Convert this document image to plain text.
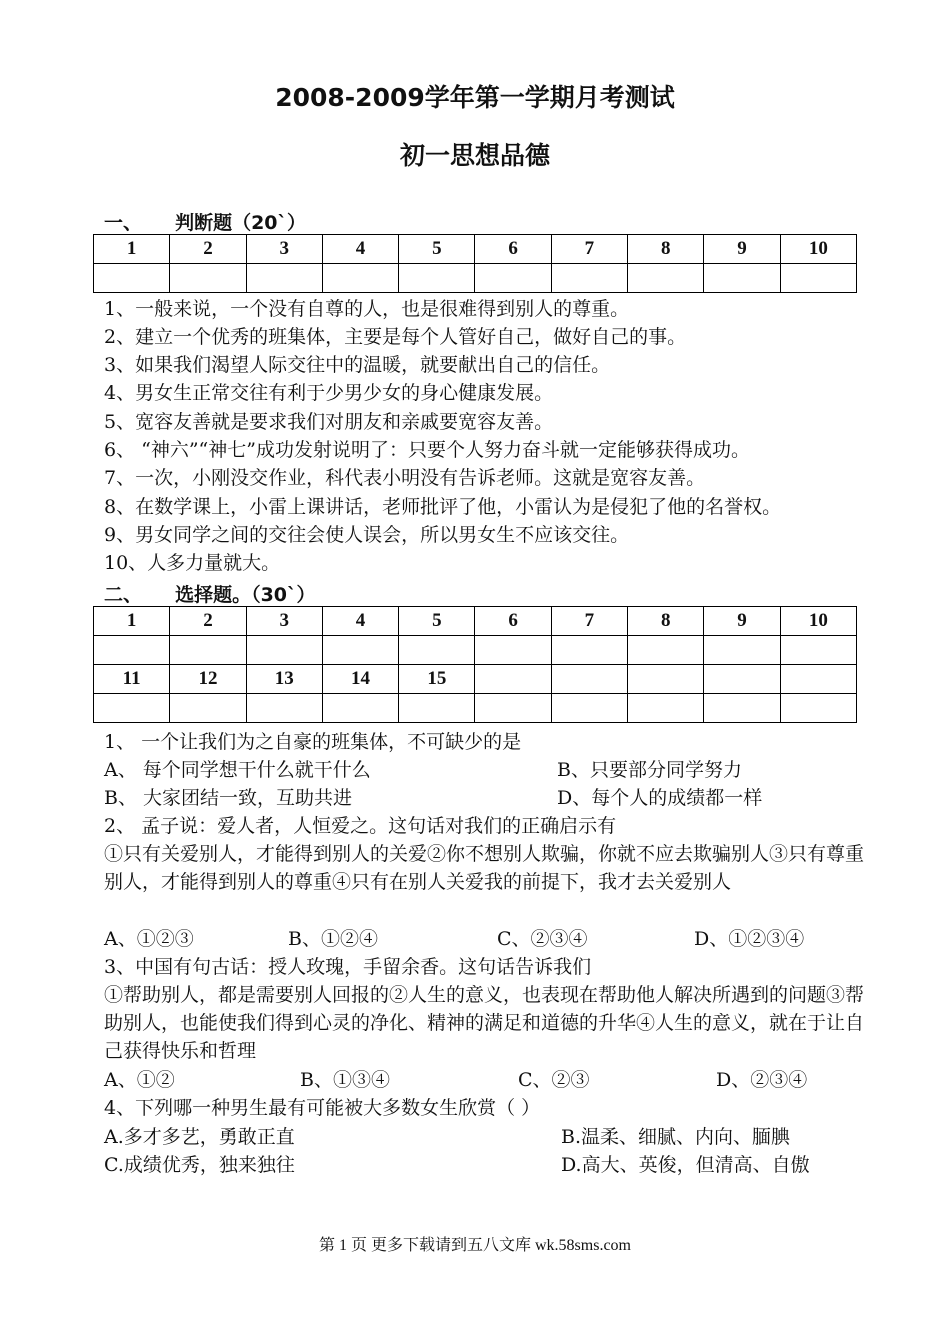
2008-2009学年第一学期月考测试
初一思想品德
一、     判断题（20`）
1	2	3	4	5	6	7	8	9	10

1、一般来说，一个没有自尊的人，也是很难得到别人的尊重。
2、建立一个优秀的班集体，主要是每个人管好自己，做好自己的事。
3、如果我们渴望人际交往中的温暖，就要献出自己的信任。
4、男女生正常交往有利于少男少女的身心健康发展。
5、宽容友善就是要求我们对朋友和亲戚要宽容友善。
6、 “神六”“神七”成功发射说明了：只要个人努力奋斗就一定能够获得成功。
7、一次，小刚没交作业，科代表小明没有告诉老师。这就是宽容友善。
8、在数学课上，小雷上课讲话，老师批评了他，小雷认为是侵犯了他的名誉权。
9、男女同学之间的交往会使人误会，所以男女生不应该交往。
10、人多力量就大。
二、     选择题。（30`）
1	2	3	4	5	6	7	8	9	10

11	12	13	14	15					

1、 一个让我们为之自豪的班集体，不可缺少的是
A、 每个同学想干什么就干什么	B、只要部分同学努力
B、 大家团结一致，互助共进	D、每个人的成绩都一样
2、 孟子说：爱人者，人恒爱之。这句话对我们的正确启示有
①只有关爱别人，才能得到别人的关爱②你不想别人欺骗，你就不应去欺骗别人③只有尊重别人，才能得到别人的尊重④只有在别人关爱我的前提下，我才去关爱别人
A、①②③	B、①②④	C、②③④	D、①②③④
3、中国有句古话：授人玫瑰，手留余香。这句话告诉我们
①帮助别人，都是需要别人回报的②人生的意义，也表现在帮助他人解决所遇到的问题③帮助别人，也能使我们得到心灵的净化、精神的满足和道德的升华④人生的意义，就在于让自己获得快乐和哲理
A、①②	B、①③④	C、②③	D、②③④
4、下列哪一种男生最有可能被大多数女生欣赏（ ）
A.多才多艺，勇敢正直	B.温柔、细腻、内向、腼腆
C.成绩优秀，独来独往	D.高大、英俊，但清高、自傲
第 1 页 更多下载请到五八文库 wk.58sms.com
